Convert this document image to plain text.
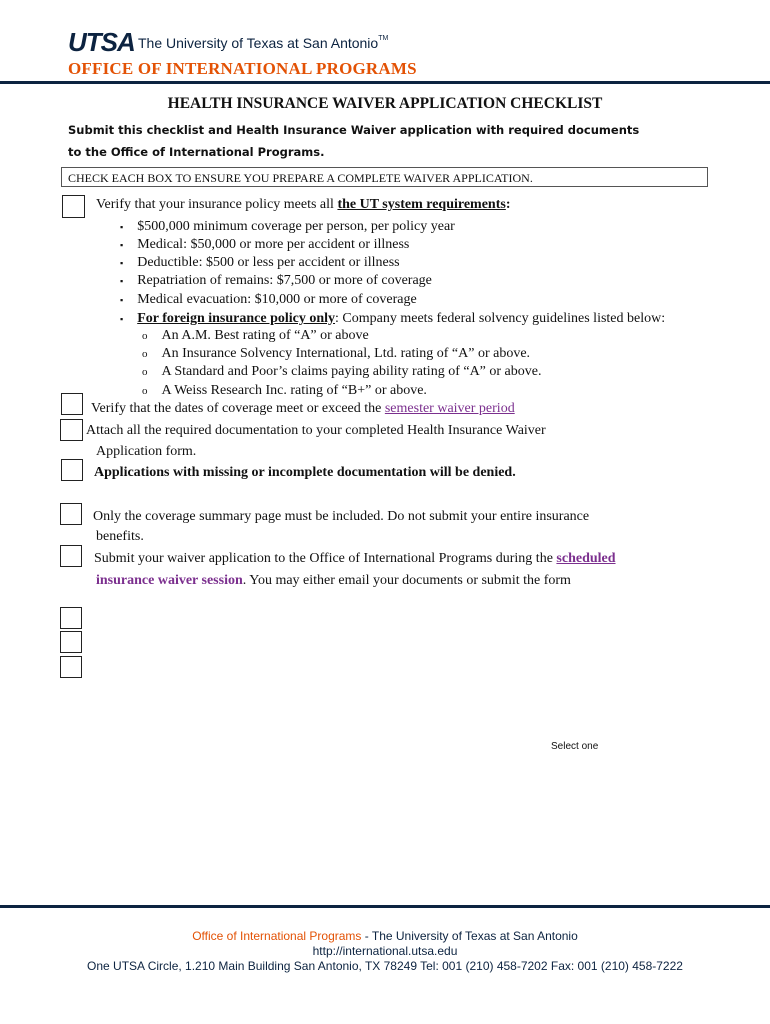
UTSA The University of Texas at San Antonio™
OFFICE OF INTERNATIONAL PROGRAMS
HEALTH INSURANCE WAIVER APPLICATION CHECKLIST
Submit this checklist and Health Insurance Waiver application with required documents
to the Office of International Programs.
CHECK EACH BOX TO ENSURE YOU PREPARE A COMPLETE WAIVER APPLICATION.
Verify that your insurance policy meets all the UT system requirements:
▪ $500,000 minimum coverage per person, per policy year
▪ Medical: $50,000 or more per accident or illness
▪ Deductible: $500 or less per accident or illness
▪ Repatriation of remains: $7,500 or more of coverage
▪ Medical evacuation: $10,000 or more of coverage
▪ For foreign insurance policy only: Company meets federal solvency guidelines listed below:
o An A.M. Best rating of “A” or above
o An Insurance Solvency International, Ltd. rating of “A” or above.
o A Standard and Poor’s claims paying ability rating of “A” or above.
o A Weiss Research Inc. rating of “B+” or above.
Verify that the dates of coverage meet or exceed the semester waiver period
Attach all the required documentation to your completed Health Insurance Waiver
Application form.
Applications with missing or incomplete documentation will be denied.
Only the coverage summary page must be included. Do not submit your entire insurance
benefits.
Submit your waiver application to the Office of International Programs during the scheduled
insurance waiver session. You may either email your documents or submit the form
Select one
Office of International Programs - The University of Texas at San Antonio
http://international.utsa.edu
One UTSA Circle, 1.210 Main Building San Antonio, TX 78249 Tel: 001 (210) 458-7202 Fax: 001 (210) 458-7222
